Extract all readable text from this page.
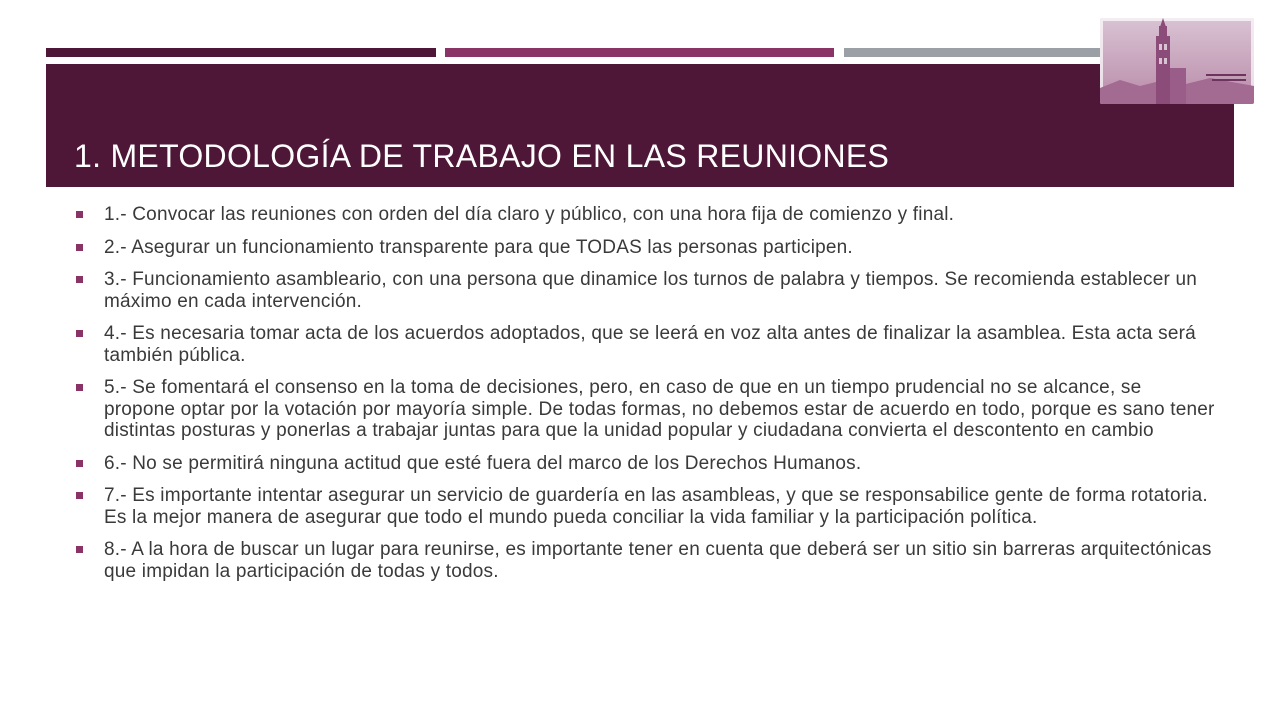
1. METODOLOGÍA DE TRABAJO EN LAS REUNIONES
1.- Convocar las reuniones con orden del día claro y público, con una hora fija de comienzo y final.
2.- Asegurar un funcionamiento transparente para que TODAS las personas participen.
3.- Funcionamiento asambleario, con una persona que dinamice los turnos de palabra y tiempos. Se recomienda establecer un máximo en cada intervención.
4.- Es necesaria tomar acta de los acuerdos adoptados, que se leerá en voz alta antes de finalizar la asamblea. Esta acta será también pública.
5.- Se fomentará el consenso en la toma de decisiones, pero, en caso de que en un tiempo prudencial no se alcance, se propone optar por la votación por mayoría simple. De todas formas, no debemos estar de acuerdo en todo, porque es sano tener distintas posturas y ponerlas a trabajar juntas para que la unidad popular y ciudadana convierta el descontento en cambio
6.- No se permitirá ninguna actitud que esté fuera del marco de los Derechos Humanos.
7.- Es importante intentar asegurar un servicio de guardería en las asambleas, y que se responsabilice gente de forma rotatoria. Es la mejor manera de asegurar que todo el mundo pueda conciliar la vida familiar y la participación política.
8.- A la hora de buscar un lugar para reunirse, es importante tener en cuenta que deberá ser un sitio sin barreras arquitectónicas que impidan la participación de todas y todos.
